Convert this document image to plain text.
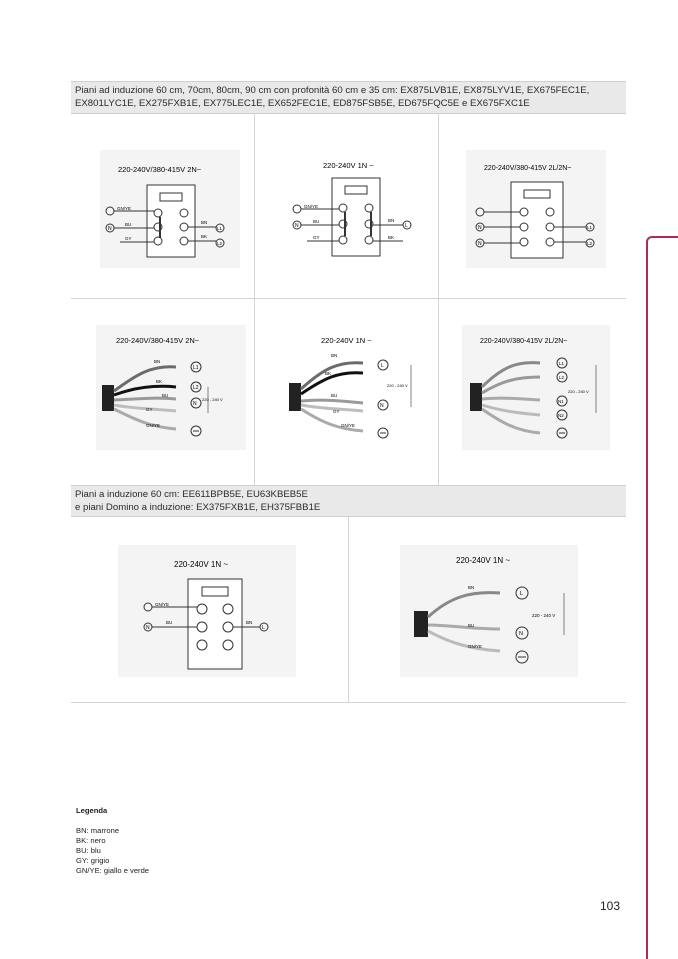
Piani ad induzione 60 cm, 70cm, 80cm, 90 cm con profonità 60 cm e 35 cm: EX875LVB1E, EX875LYV1E, EX675FEC1E, EX801LYC1E, EX275FXB1E, EX775LEC1E, EX652FEC1E, ED875FSB5E, ED675FQC5E e EX675FXC1E
Piani a induzione 60 cm: EE611BPB5E, EU63KBEB5E
e piani Domino a induzione: EX375FXB1E, EH375FBB1E
220-240V/380-415V 2N~
GN/YE
N
BU
GY
BN
L1
BK
L2
220-240V 1N ~
GN/YE
N
BU
GY
BN
L
BK
220-240V/380-415V 2L/2N~
N
N
L1
L2
220-240V/380-415V 2N~
BN
BK
BU
GY
GN/YE
L1
L2
N
220 - 240 V
220-240V 1N ~
BN
BK
BU
GY
GN/YE
L
N
220 - 240 V
220-240V/380-415V 2L/2N~
L1
L2
N1
N2
220 - 240 V
220-240V 1N ~
GN/YE
N
BU	BN
L
220-240V 1N ~
BN
BU
GN/YE
L
N
220 - 240 V
Legenda
BN: marrone
BK: nero
BU: blu
GY: grigio
GN/YE: giallo e verde
103
